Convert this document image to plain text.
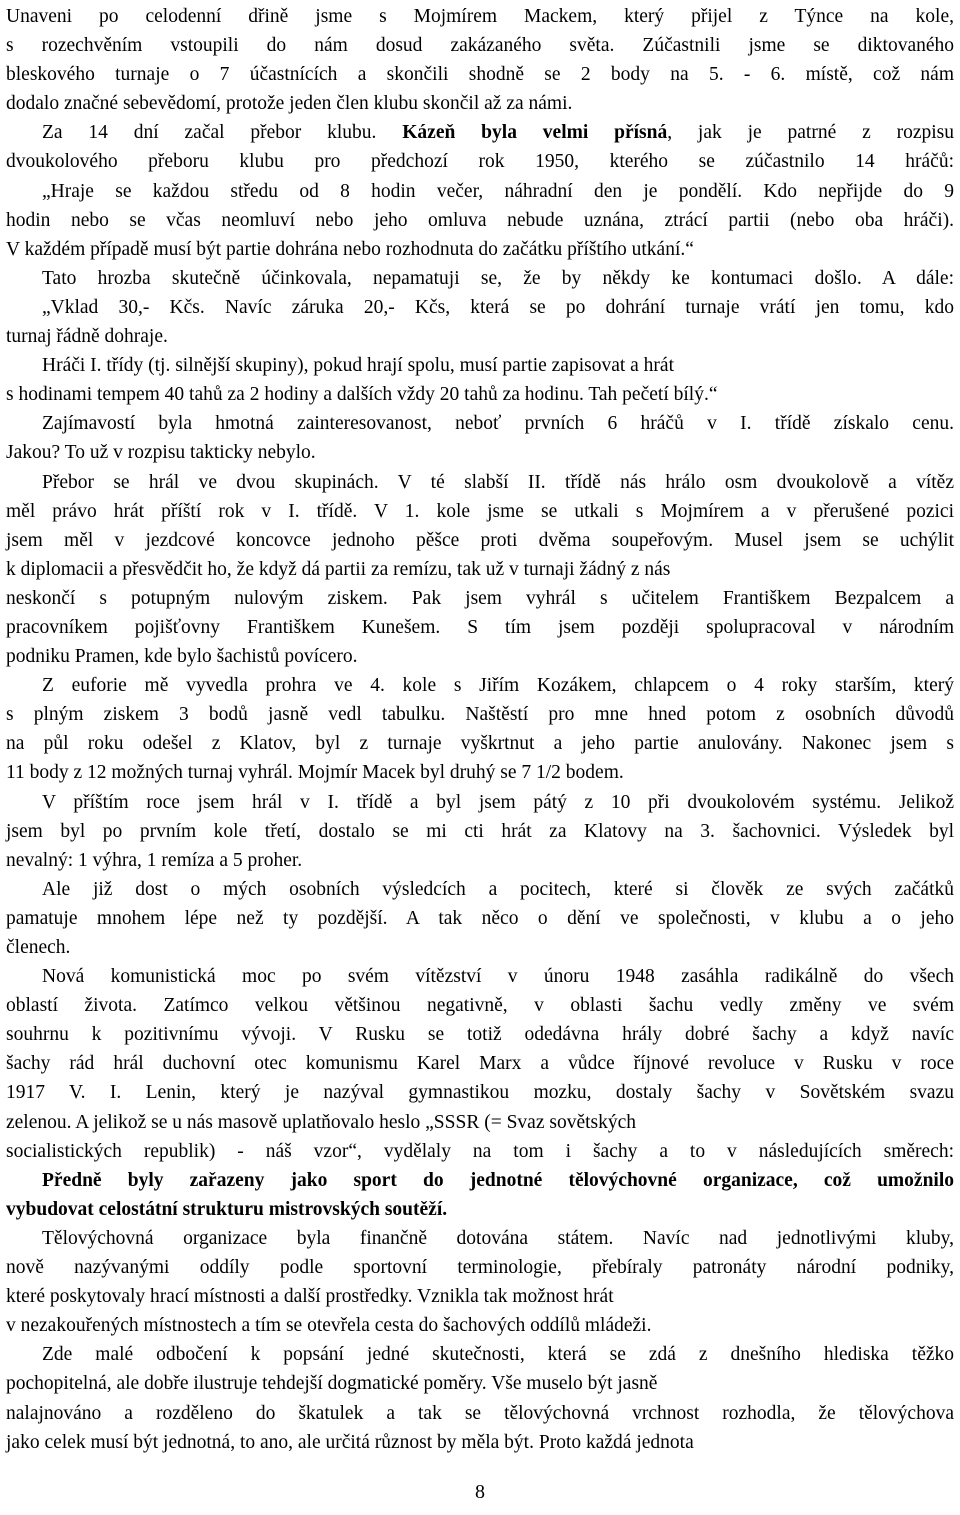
Unaveni po celodenní dřině jsme s Mojmírem Mackem, který přijel z Týnce na kole,
s rozechvěním vstoupili do nám dosud zakázaného světa. Zúčastnili jsme se diktovaného
bleskového turnaje o 7 účastnících a skončili shodně se 2 body na 5. - 6. místě, což nám
dodalo značné sebevědomí, protože jeden člen klubu skončil až za námi.
Za 14 dní začal přebor klubu. Kázeň byla velmi přísná, jak je patrné z rozpisu
dvoukolového přeboru klubu pro předchozí rok 1950, kterého se zúčastnilo 14 hráčů:
„Hraje se každou středu od 8 hodin večer, náhradní den je pondělí. Kdo nepřijde do 9
hodin nebo se včas neomluví nebo jeho omluva nebude uznána, ztrácí partii (nebo oba hráči).
V každém případě musí být partie dohrána nebo rozhodnuta do začátku příštího utkání.“
Tato hrozba skutečně účinkovala, nepamatuji se, že by někdy ke kontumaci došlo. A dále:
„Vklad 30,- Kčs. Navíc záruka 20,- Kčs, která se po dohrání turnaje vrátí jen tomu, kdo
turnaj řádně dohraje.
Hráči I. třídy (tj. silnější skupiny), pokud hrají spolu, musí partie zapisovat a hrát
s hodinami tempem 40 tahů za 2 hodiny a dalších vždy 20 tahů za hodinu. Tah pečetí bílý.“
Zajímavostí byla hmotná zainteresovanost, neboť prvních 6 hráčů v I. třídě získalo cenu.
Jakou? To už v rozpisu takticky nebylo.
Přebor se hrál ve dvou skupinách. V té slabší II. třídě nás hrálo osm dvoukolově a vítěz
měl právo hrát příští rok v I. třídě. V 1. kole jsme se utkali s Mojmírem a v přerušené pozici
jsem měl v jezdcové koncovce jednoho pěšce proti dvěma soupeřovým. Musel jsem se uchýlit
k diplomacii a přesvědčit ho, že když dá partii za remízu, tak už v turnaji žádný z nás
neskončí s potupným nulovým ziskem. Pak jsem vyhrál s učitelem Františkem Bezpalcem a
pracovníkem pojišťovny Františkem Kunešem. S tím jsem později spolupracoval v národním
podniku Pramen, kde bylo šachistů povícero.
Z euforie mě vyvedla prohra ve 4. kole s Jiřím Kozákem, chlapcem o 4 roky starším, který
s plným ziskem 3 bodů jasně vedl tabulku. Naštěstí pro mne hned potom z osobních důvodů
na půl roku odešel z Klatov, byl z turnaje vyškrtnut a jeho partie anulovány. Nakonec jsem s
11 body z 12 možných turnaj vyhrál. Mojmír Macek byl druhý se 7 1/2 bodem.
V příštím roce jsem hrál v I. třídě a byl jsem pátý z 10 při dvoukolovém systému. Jelikož
jsem byl po prvním kole třetí, dostalo se mi cti hrát za Klatovy na 3. šachovnici. Výsledek byl
nevalný: 1 výhra, 1 remíza a 5 proher.
Ale již dost o mých osobních výsledcích a pocitech, které si člověk ze svých začátků
pamatuje mnohem lépe než ty pozdější. A tak něco o dění ve společnosti, v klubu a o jeho
členech.
Nová komunistická moc po svém vítězství v únoru 1948 zasáhla radikálně do všech
oblastí života. Zatímco velkou většinou negativně, v oblasti šachu vedly změny ve svém
souhrnu k pozitivnímu vývoji. V Rusku se totiž odedávna hrály dobré šachy a když navíc
šachy rád hrál duchovní otec komunismu Karel Marx a vůdce říjnové revoluce v Rusku v roce
1917 V. I. Lenin, který je nazýval gymnastikou mozku, dostaly šachy v Sovětském svazu
zelenou. A jelikož se u nás masově uplatňovalo heslo „SSSR (= Svaz sovětských
socialistických republik) - náš vzor“, vydělaly na tom i šachy a to v následujících směrech:
Předně byly zařazeny jako sport do jednotné tělovýchovné organizace, což umožnilo
vybudovat celostátní strukturu mistrovských soutěží.
Tělovýchovná organizace byla finančně dotována státem. Navíc nad jednotlivými kluby,
nově nazývanými oddíly podle sportovní terminologie, přebíraly patronáty národní podniky,
které poskytovaly hrací místnosti a další prostředky. Vznikla tak možnost hrát
v nezakouřených místnostech a tím se otevřela cesta do šachových oddílů mládeži.
Zde malé odbočení k popsání jedné skutečnosti, která se zdá z dnešního hlediska těžko
pochopitelná, ale dobře ilustruje tehdejší dogmatické poměry. Vše muselo být jasně
nalajnováno a rozděleno do škatulek a tak se tělovýchovná vrchnost rozhodla, že tělovýchova
jako celek musí být jednotná, to ano, ale určitá různost by měla být. Proto každá jednota
8
